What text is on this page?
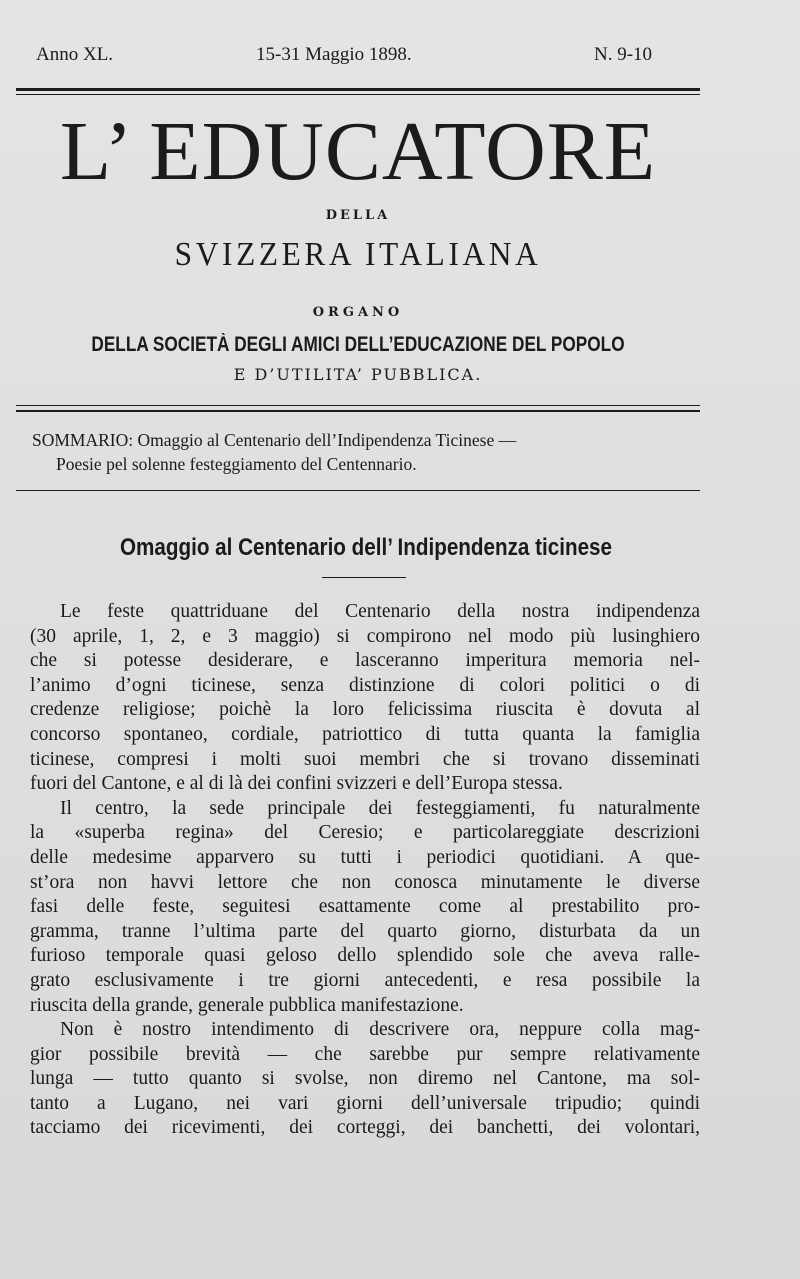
Anno XL.	15-31 Maggio 1898.	N. 9-10
L’ EDUCATORE
DELLA
SVIZZERA ITALIANA
ORGANO
DELLA SOCIETÀ DEGLI AMICI DELL’EDUCAZIONE DEL POPOLO
E D’UTILITA’ PUBBLICA.
SOMMARIO: Omaggio al Centenario dell’Indipendenza Ticinese —
Poesie pel solenne festeggiamento del Centennario.
Omaggio al Centenario dell’ Indipendenza ticinese
Le feste quattriduane del Centenario della nostra indipendenza
(30 aprile, 1, 2, e 3 maggio) si compirono nel modo più lusinghiero
che si potesse desiderare, e lasceranno imperitura memoria nel-
l’animo d’ogni ticinese, senza distinzione di colori politici o di
credenze religiose; poichè la loro felicissima riuscita è dovuta al
concorso spontaneo, cordiale, patriottico di tutta quanta la famiglia
ticinese, compresi i molti suoi membri che si trovano disseminati
fuori del Cantone, e al di là dei confini svizzeri e dell’Europa stessa.
Il centro, la sede principale dei festeggiamenti, fu naturalmente
la «superba regina» del Ceresio; e particolareggiate descrizioni
delle medesime apparvero su tutti i periodici quotidiani. A que-
st’ora non havvi lettore che non conosca minutamente le diverse
fasi delle feste, seguitesi esattamente come al prestabilito pro-
gramma, tranne l’ultima parte del quarto giorno, disturbata da un
furioso temporale quasi geloso dello splendido sole che aveva ralle-
grato esclusivamente i tre giorni antecedenti, e resa possibile la
riuscita della grande, generale pubblica manifestazione.
Non è nostro intendimento di descrivere ora, neppure colla mag-
gior possibile brevità — che sarebbe pur sempre relativamente
lunga — tutto quanto si svolse, non diremo nel Cantone, ma sol-
tanto a Lugano, nei vari giorni dell’universale tripudio; quindi
tacciamo dei ricevimenti, dei corteggi, dei banchetti, dei volontari,
